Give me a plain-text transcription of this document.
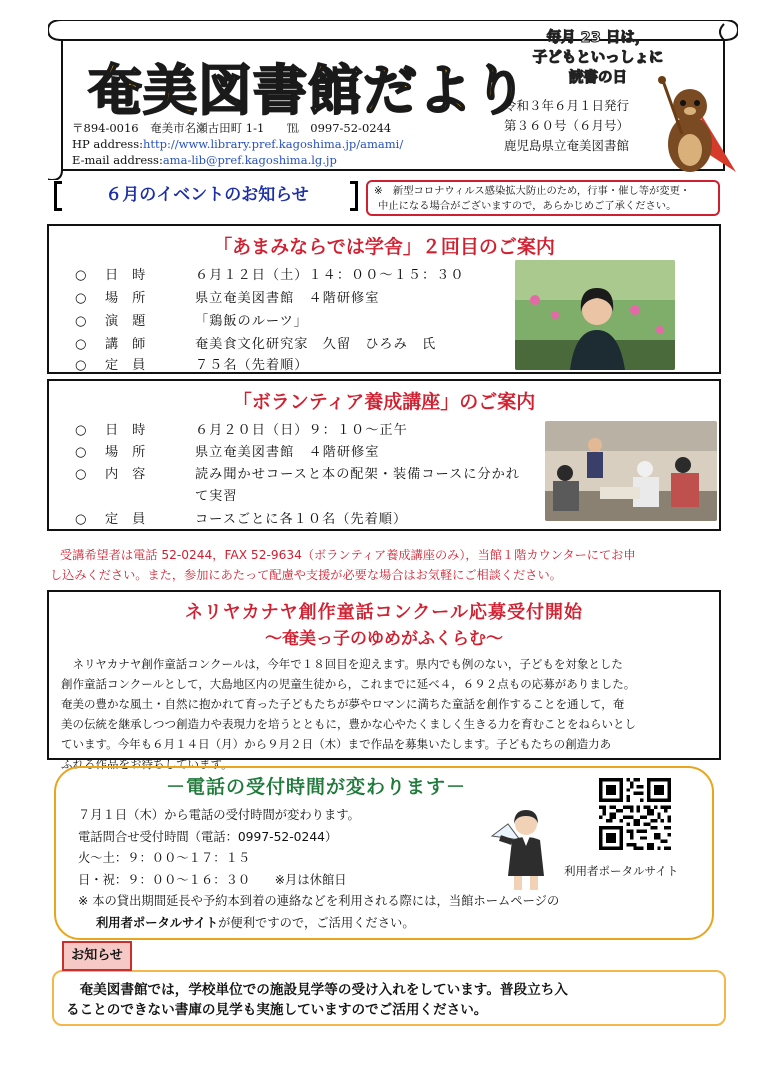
奄美図書館だより
〒894-0016　奄美市名瀬古田町 1-1　　℡　0997-52-0244
HP address:http://www.library.pref.kagoshima.jp/amami/
E-mail address:ama-lib@pref.kagoshima.lg.jp
毎月 23 日は，
子どもといっしょに
読書の日
令和３年６月１日発行
第３６０号（６月号）
鹿児島県立奄美図書館
６月のイベントのお知らせ	※　新型コロナウィルス感染拡大防止のため，行事・催し等が変更・
中止になる場合がございますので，あらかじめご了承ください。
「あまみならでは学舎」２回目のご案内
○ 日時	６月１２日（土）１４：００～１５：３０
○ 場所	県立奄美図書館　４階研修室
○ 演題	「鶏飯のルーツ」
○ 講師	奄美食文化研究家　久留　ひろみ　氏
○ 定員	７５名（先着順）
「ボランティア養成講座」のご案内
○ 日時	６月２０日（日）９：１０～正午
○ 場所	県立奄美図書館　４階研修室
○ 内容	読み聞かせコースと本の配架・装備コースに分かれ
て実習
○ 定員	コースごとに各１０名（先着順）
受講希望者は電話 52-0244，FAX 52-9634（ボランティア養成講座のみ），当館１階カウンターにてお申
し込みください。また，参加にあたって配慮や支援が必要な場合はお気軽にご相談ください。
ネリヤカナヤ創作童話コンクール応募受付開始
～奄美っ子のゆめがふくらむ～
　ネリヤカナヤ創作童話コンクールは，今年で１８回目を迎えます。県内でも例のない，子どもを対象とした
創作童話コンクールとして，大島地区内の児童生徒から，これまでに延べ４，６９２点もの応募がありました。
奄美の豊かな風土・自然に抱かれて育った子どもたちが夢やロマンに満ちた童話を創作することを通して，奄
美の伝統を継承しつつ創造力や表現力を培うとともに，豊かな心やたくましく生きる力を育むことをねらいとし
ています。今年も６月１４日（月）から９月２日（木）まで作品を募集いたします。子どもたちの創造力あ
ふれる作品をお待ちしています。
－電話の受付時間が変わります－
７月１日（木）から電話の受付時間が変わります。
電話問合せ受付時間（電話：0997-52-0244）
火～土：９：００～１７：１５
日・祝：９：００～１６：３０　　※月は休館日
※ 本の貸出期間延長や予約本到着の連絡などを利用される際には，当館ホームページの
利用者ポータルサイトが便利ですので，ご活用ください。
利用者ポータルサイト
　奄美図書館では，学校単位での施設見学等の受け入れをしています。普段立ち入
ることのできない書庫の見学も実施していますのでご活用ください。
お知らせ
